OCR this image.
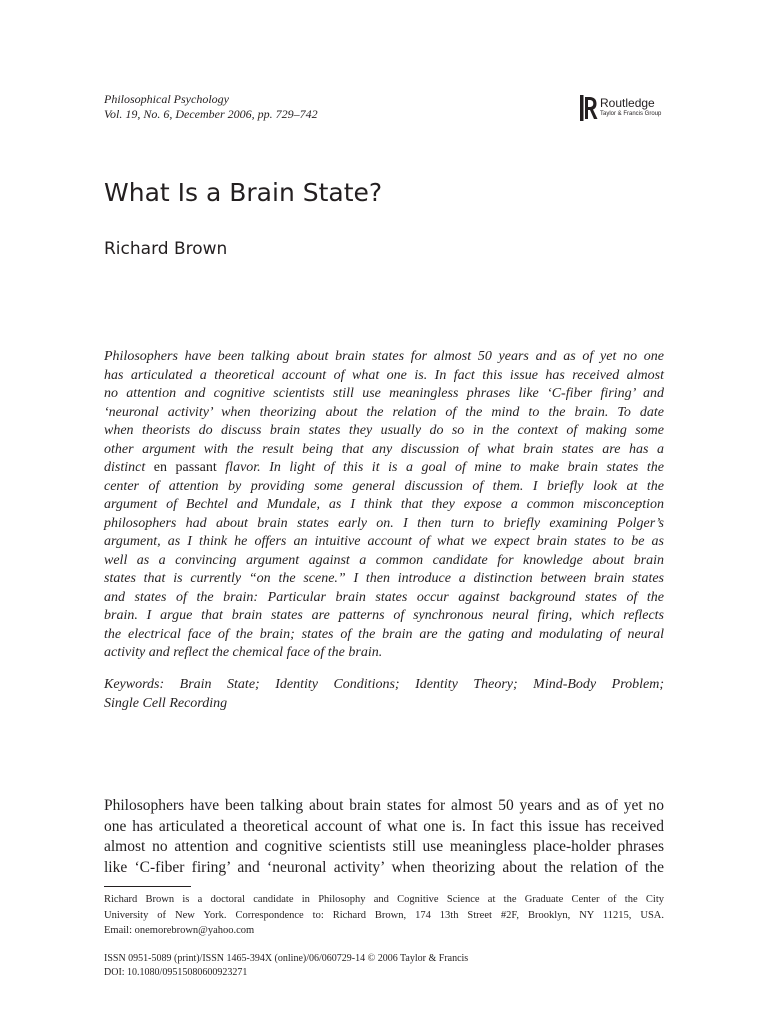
Philosophical Psychology
Vol. 19, No. 6, December 2006, pp. 729–742
Routledge
Taylor & Francis Group
What Is a Brain State?
Richard Brown
Philosophers have been talking about brain states for almost 50 years and as of yet no one
has articulated a theoretical account of what one is. In fact this issue has received almost
no attention and cognitive scientists still use meaningless phrases like ‘C-fiber firing’ and
‘neuronal activity’ when theorizing about the relation of the mind to the brain. To date
when theorists do discuss brain states they usually do so in the context of making some
other argument with the result being that any discussion of what brain states are has a
distinct en passant flavor. In light of this it is a goal of mine to make brain states the
center of attention by providing some general discussion of them. I briefly look at the
argument of Bechtel and Mundale, as I think that they expose a common misconception
philosophers had about brain states early on. I then turn to briefly examining Polger’s
argument, as I think he offers an intuitive account of what we expect brain states to be as
well as a convincing argument against a common candidate for knowledge about brain
states that is currently “on the scene.” I then introduce a distinction between brain states
and states of the brain: Particular brain states occur against background states of the
brain. I argue that brain states are patterns of synchronous neural firing, which reflects
the electrical face of the brain; states of the brain are the gating and modulating of neural
activity and reflect the chemical face of the brain.
Keywords: Brain State; Identity Conditions; Identity Theory; Mind-Body Problem;
Single Cell Recording
Philosophers have been talking about brain states for almost 50 years and as of yet no
one has articulated a theoretical account of what one is. In fact this issue has received
almost no attention and cognitive scientists still use meaningless place-holder phrases
like ‘C-fiber firing’ and ‘neuronal activity’ when theorizing about the relation of the
Richard Brown is a doctoral candidate in Philosophy and Cognitive Science at the Graduate Center of the City
University of New York. Correspondence to: Richard Brown, 174 13th Street #2F, Brooklyn, NY 11215, USA.
Email: onemorebrown@yahoo.com
ISSN 0951-5089 (print)/ISSN 1465-394X (online)/06/060729-14 © 2006 Taylor & Francis
DOI: 10.1080/09515080600923271
